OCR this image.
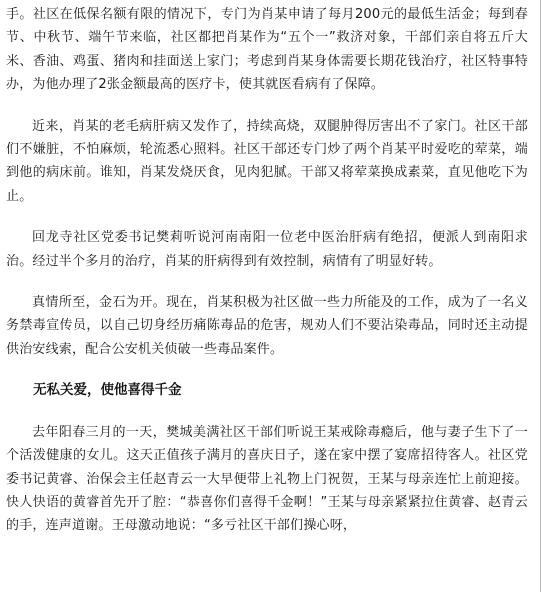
手。社区在低保名额有限的情况下，专门为肖某申请了每月200元的最低生活金；每到春节、中秋节、端午节来临，社区都把肖某作为“五个一”救济对象，干部们亲自将五斤大米、香油、鸡蛋、猪肉和挂面送上家门；考虑到肖某身体需要长期花钱治疗，社区特事特办，为他办理了2张金额最高的医疗卡，使其就医看病有了保障。

近来，肖某的老毛病肝病又发作了，持续高烧，双腿肿得厉害出不了家门。社区干部们不嫌脏，不怕麻烦，轮流悉心照料。社区干部还专门炒了两个肖某平时爱吃的荤菜，端到他的病床前。谁知，肖某发烧厌食，见肉犯腻。干部又将荤菜换成素菜，直见他吃下为止。

回龙寺社区党委书记樊莉听说河南南阳一位老中医治肝病有绝招，便派人到南阳求治。经过半个多月的治疗，肖某的肝病得到有效控制，病情有了明显好转。

真情所至，金石为开。现在，肖某积极为社区做一些力所能及的工作，成为了一名义务禁毒宣传员，以自己切身经历痛陈毒品的危害，规劝人们不要沾染毒品，同时还主动提供治安线索，配合公安机关侦破一些毒品案件。

无私关爱，使他喜得千金

去年阳春三月的一天，樊城美满社区干部们听说王某戒除毒瘾后，他与妻子生下了一个活泼健康的女儿。这天正值孩子满月的喜庆日子，遂在家中摆了宴席招待客人。社区党委书记黄睿、治保会主任赵青云一大早便带上礼物上门祝贺，王某与母亲连忙上前迎接。快人快语的黄睿首先开了腔：“恭喜你们喜得千金啊！”王某与母亲紧紧拉住黄睿、赵青云的手，连声道谢。王母激动地说：“多亏社区干部们操心呀，
